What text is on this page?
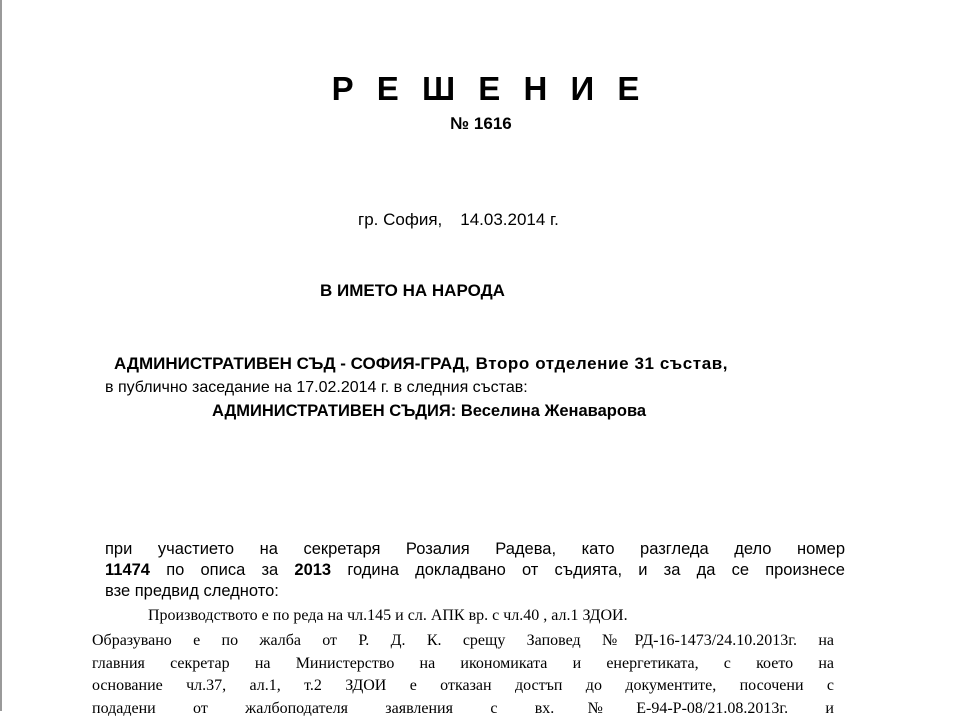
Р Е Ш Е Н И Е
№ 1616
гр. София, 14.03.2014 г.
В ИМЕТО НА НАРОДА
АДМИНИСТРАТИВЕН СЪД - СОФИЯ-ГРАД, Второ отделение 31 състав,
в публично заседание на 17.02.2014 г. в следния състав:
АДМИНИСТРАТИВЕН СЪДИЯ: Веселина Женаварова
при участието на секретаря Розалия Радева, като разгледа дело номер
11474 по описа за 2013 година докладвано от съдията, и за да се произнесе
взе предвид следното:
Производството е по реда на чл.145 и сл. АПК вр. с чл.40 , ал.1 ЗДОИ.
Образувано е по жалба от Р. Д. К. срещу Заповед №РД-16-1473/24.10.2013г. на
главния секретар на Министерство на икономиката и енергетиката, с което на
основание чл.37, ал.1, т.2 ЗДОИ е отказан достъп до документите, посочени с
подадени от жалбоподателя заявления с вх.№Е-94-Р-08/21.08.2013г. и
